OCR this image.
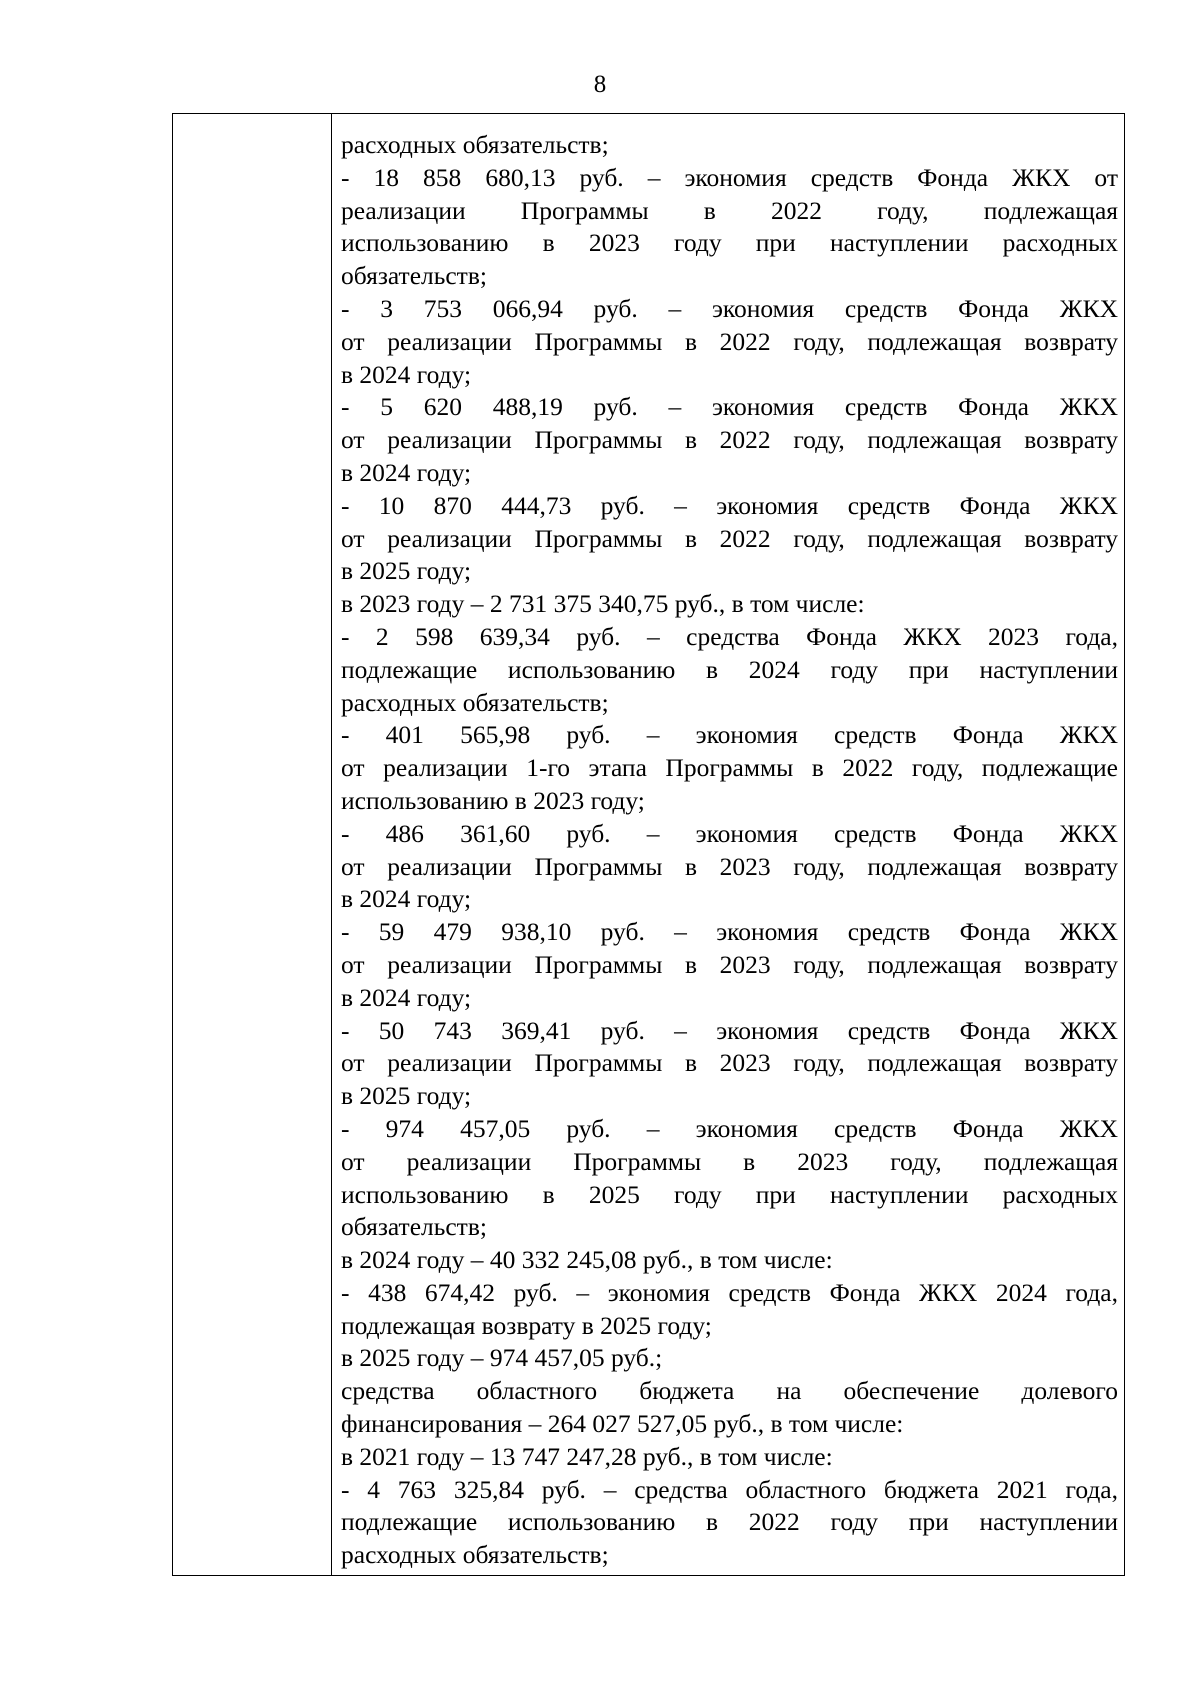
8
расходных обязательств;
- 18 858 680,13 руб. – экономия средств Фонда ЖКХ от
реализации Программы в 2022 году, подлежащая
использованию в 2023 году при наступлении расходных
обязательств;
- 3 753 066,94 руб. – экономия средств Фонда ЖКХ
от реализации Программы в 2022 году, подлежащая возврату
в 2024 году;
- 5 620 488,19 руб. – экономия средств Фонда ЖКХ
от реализации Программы в 2022 году, подлежащая возврату
в 2024 году;
- 10 870 444,73 руб. – экономия средств Фонда ЖКХ
от реализации Программы в 2022 году, подлежащая возврату
в 2025 году;
в 2023 году – 2 731 375 340,75 руб., в том числе:
- 2 598 639,34 руб. – средства Фонда ЖКХ 2023 года,
подлежащие использованию в 2024 году при наступлении
расходных обязательств;
- 401 565,98 руб. – экономия средств Фонда ЖКХ
от реализации 1-го этапа Программы в 2022 году, подлежащие
использованию в 2023 году;
- 486 361,60 руб. – экономия средств Фонда ЖКХ
от реализации Программы в 2023 году, подлежащая возврату
в 2024 году;
- 59 479 938,10 руб. – экономия средств Фонда ЖКХ
от реализации Программы в 2023 году, подлежащая возврату
в 2024 году;
- 50 743 369,41 руб. – экономия средств Фонда ЖКХ
от реализации Программы в 2023 году, подлежащая возврату
в 2025 году;
- 974 457,05 руб. – экономия средств Фонда ЖКХ
от реализации Программы в 2023 году, подлежащая
использованию в 2025 году при наступлении расходных
обязательств;
в 2024 году – 40 332 245,08 руб., в том числе:
- 438 674,42 руб. – экономия средств Фонда ЖКХ 2024 года,
подлежащая возврату в 2025 году;
в 2025 году – 974 457,05 руб.;
средства областного бюджета на обеспечение долевого
финансирования – 264 027 527,05 руб., в том числе:
в 2021 году – 13 747 247,28 руб., в том числе:
- 4 763 325,84 руб. – средства областного бюджета 2021 года,
подлежащие использованию в 2022 году при наступлении
расходных обязательств;
